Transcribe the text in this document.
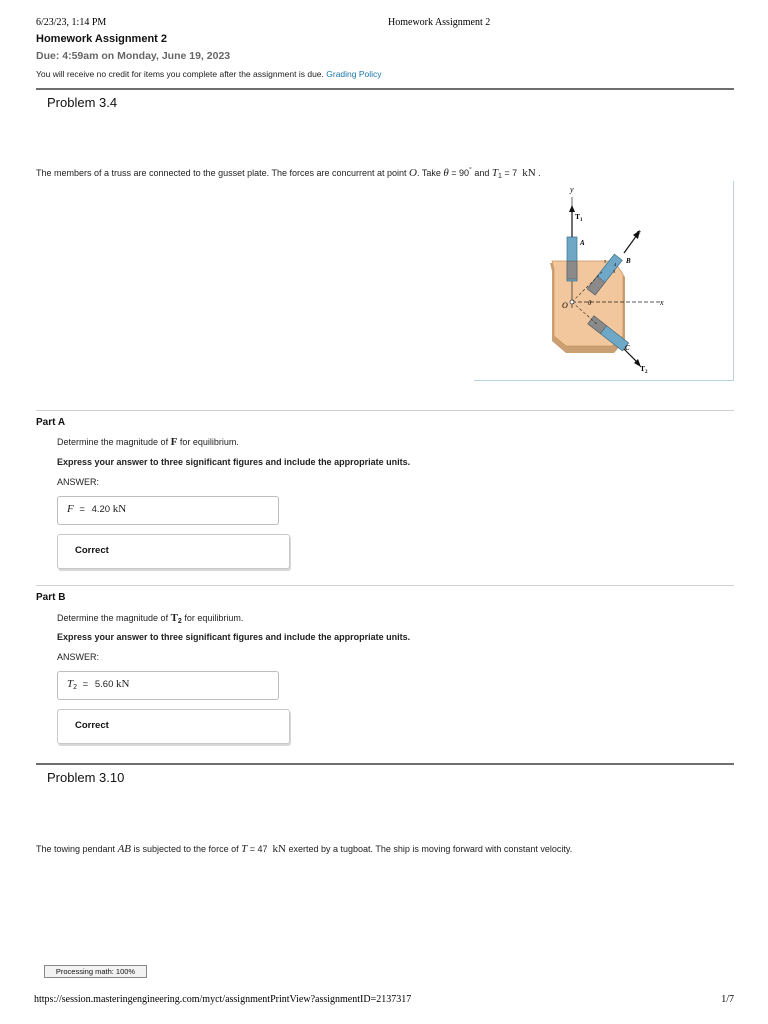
6/23/23, 1:14 PM	Homework Assignment 2
Homework Assignment 2
Due: 4:59am on Monday, June 19, 2023
You will receive no credit for items you complete after the assignment is due. Grading Policy
Problem 3.4
The members of a truss are connected to the gusset plate. The forces are concurrent at point O. Take θ = 90° and $T_1 = 7$ kN .
y
x
$T_1$
A
B
C
F
$T_2$
O	θ
5
4
3
Part A
Determine the magnitude of F for equilibrium.
Express your answer to three significant figures and include the appropriate units.
ANSWER:
F = 4.20 kN
Correct
Part B
Determine the magnitude of $T_2$ for equilibrium.
Express your answer to three significant figures and include the appropriate units.
ANSWER:
$T_2 = 5.60$ kN
Correct
Problem 3.10
The towing pendant AB is subjected to the force of T = 47 kN exerted by a tugboat. The ship is moving forward with constant velocity.
Processing math: 100%
https://session.masteringengineering.com/myct/assignmentPrintView?assignmentID=2137317	1/7
